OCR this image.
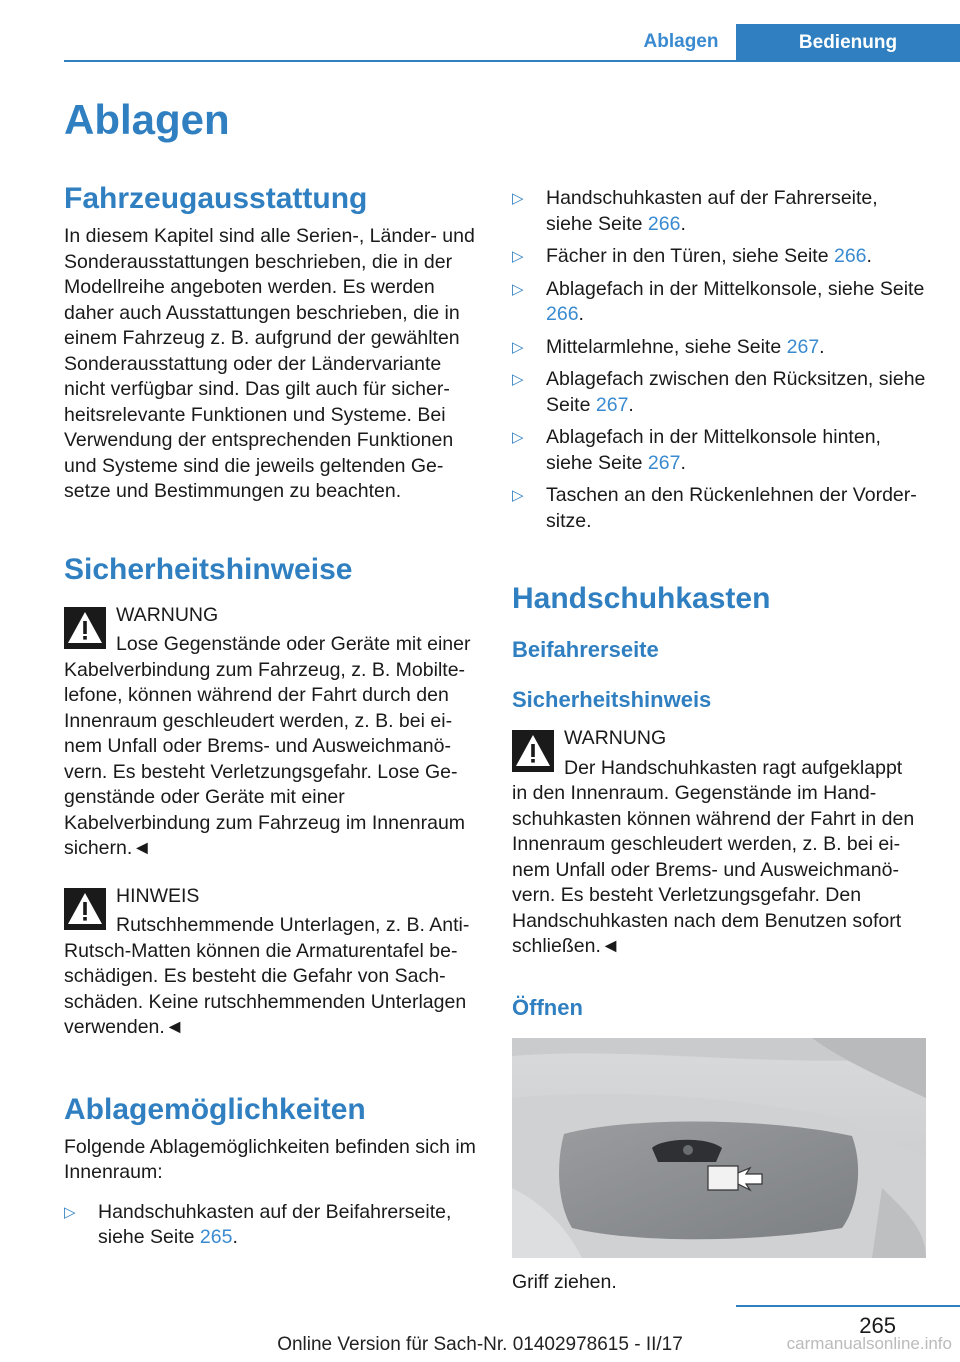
Ablagen	Bedienung
Ablagen
Fahrzeugausstattung

In diesem Kapitel sind alle Serien-, Länder- und Sonderausstattungen beschrieben, die in der Modellreihe angeboten werden. Es werden daher auch Ausstattungen beschrieben, die in einem Fahrzeug z. B. aufgrund der gewählten Sonderausstattung oder der Ländervariante nicht verfügbar sind. Das gilt auch für sicherheitsrelevante Funktionen und Systeme. Bei Verwendung der entsprechenden Funktionen und Systeme sind die jeweils geltenden Gesetze und Bestimmungen zu beachten.

Sicherheitshinweise
WARNUNG

Lose Gegenstände oder Geräte mit einer

Kabelverbindung zum Fahrzeug, z. B. Mobiltelefone, können während der Fahrt durch den Innenraum geschleudert werden, z. B. bei einem Unfall oder Brems- und Ausweichmanövern. Es besteht Verletzungsgefahr. Lose Gegenstände oder Geräte mit einer Kabelverbindung zum Fahrzeug im Innenraum sichern.◄

HINWEIS

Rutschhemmende Unterlagen, z. B. Anti-

Rutsch-Matten können die Armaturentafel beschädigen. Es besteht die Gefahr von Sachschäden. Keine rutschhemmenden Unterlagen verwenden.◄

Ablagemöglichkeiten

Folgende Ablagemöglichkeiten befinden sich im Innenraum:

▷ Handschuhkasten auf der Beifahrerseite, siehe Seite 265.
▷ Handschuhkasten auf der Fahrerseite, siehe Seite 266.
▷ Fächer in den Türen, siehe Seite 266.
▷ Ablagefach in der Mittelkonsole, siehe Seite 266.
▷ Mittelarmlehne, siehe Seite 267.
▷ Ablagefach zwischen den Rücksitzen, siehe Seite 267.
▷ Ablagefach in der Mittelkonsole hinten, siehe Seite 267.
▷ Taschen an den Rückenlehnen der Vordersitze.
Handschuhkasten
Beifahrerseite
Sicherheitshinweis
WARNUNG

Der Handschuhkasten ragt aufgeklappt

in den Innenraum. Gegenstände im Handschuhkasten können während der Fahrt in den Innenraum geschleudert werden, z. B. bei einem Unfall oder Brems- und Ausweichmanövern. Es besteht Verletzungsgefahr. Den Handschuhkasten nach dem Benutzen sofort schließen.◄

Öffnen

Griff ziehen.

265
Online Version für Sach-Nr. 01402978615 - II/17	carmanualsonline.info
